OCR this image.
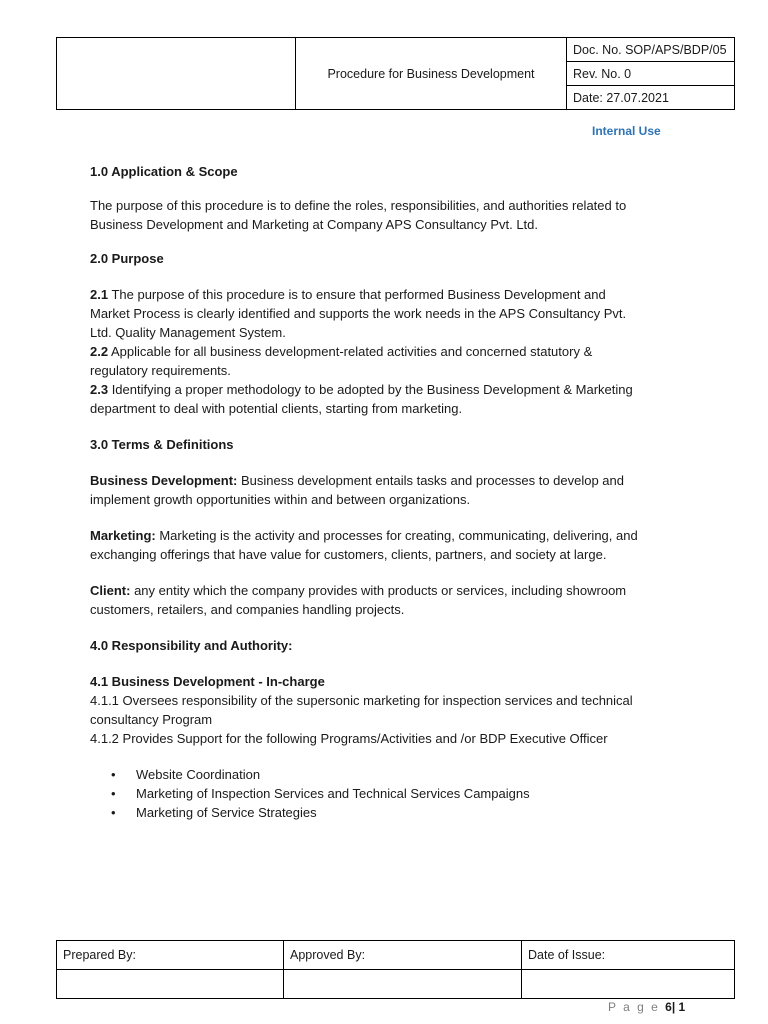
	Procedure for Business Development	Doc. No. SOP/APS/BDP/05
Rev. No. 0
Date: 27.07.2021
Internal Use

1.0 Application & Scope

The purpose of this procedure is to define the roles, responsibilities, and authorities related to
Business Development and Marketing at Company APS Consultancy Pvt. Ltd.

2.0 Purpose

2.1 The purpose of this procedure is to ensure that performed Business Development and
Market Process is clearly identified and supports the work needs in the APS Consultancy Pvt.
Ltd. Quality Management System.
2.2 Applicable for all business development-related activities and concerned statutory &
regulatory requirements.
2.3 Identifying a proper methodology to be adopted by the Business Development & Marketing
department to deal with potential clients, starting from marketing.

3.0 Terms & Definitions

Business Development: Business development entails tasks and processes to develop and
implement growth opportunities within and between organizations.

Marketing: Marketing is the activity and processes for creating, communicating, delivering, and
exchanging offerings that have value for customers, clients, partners, and society at large.

Client: any entity which the company provides with products or services, including showroom
customers, retailers, and companies handling projects.

4.0 Responsibility and Authority:

4.1 Business Development - In-charge

4.1.1 Oversees responsibility of the supersonic marketing for inspection services and technical
consultancy Program
4.1.2 Provides Support for the following Programs/Activities and /or BDP Executive Officer

• Website Coordination
• Marketing of Inspection Services and Technical Services Campaigns
• Marketing of Service Strategies
Prepared By:	Approved By:	Date of Issue:

P a g e 6| 1
